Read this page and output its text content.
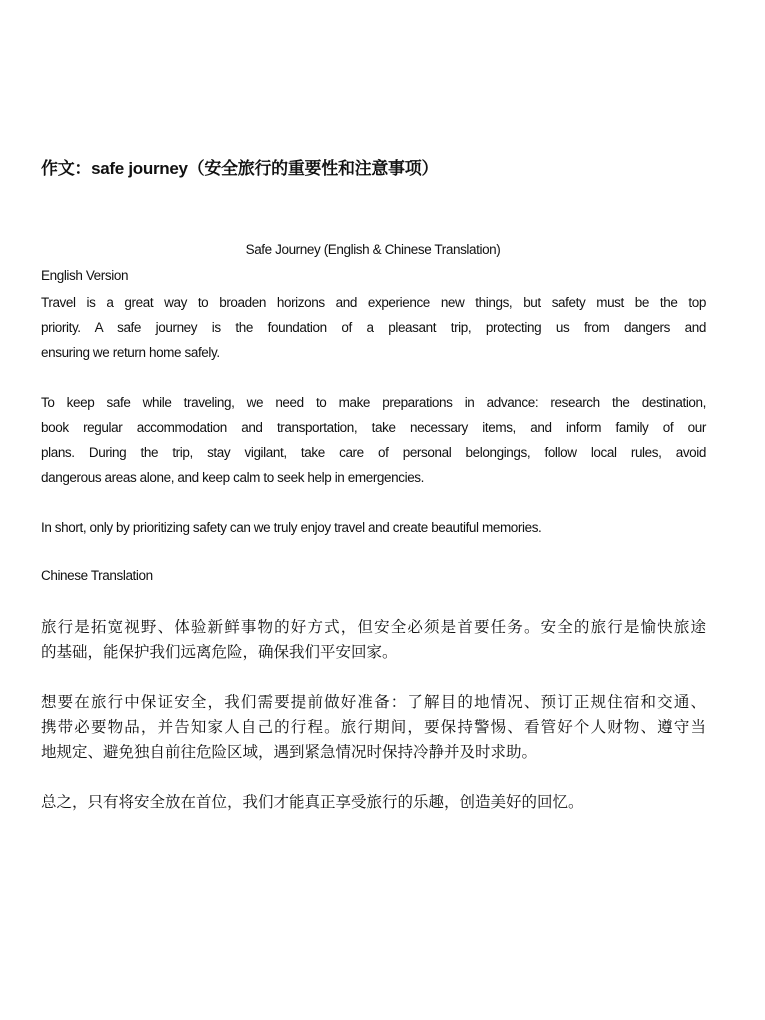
作文：safe journey（安全旅行的重要性和注意事项）
Safe Journey (English & Chinese Translation)
English Version
Travel is a great way to broaden horizons and experience new things, but safety must be the top
priority. A safe journey is the foundation of a pleasant trip, protecting us from dangers and
ensuring we return home safely.
To keep safe while traveling, we need to make preparations in advance: research the destination,
book regular accommodation and transportation, take necessary items, and inform family of our
plans. During the trip, stay vigilant, take care of personal belongings, follow local rules, avoid
dangerous areas alone, and keep calm to seek help in emergencies.
In short, only by prioritizing safety can we truly enjoy travel and create beautiful memories.
Chinese Translation
旅行是拓宽视野、体验新鲜事物的好方式，但安全必须是首要任务。安全的旅行是愉快旅途
的基础，能保护我们远离危险，确保我们平安回家。
想要在旅行中保证安全，我们需要提前做好准备：了解目的地情况、预订正规住宿和交通、
携带必要物品，并告知家人自己的行程。旅行期间，要保持警惕、看管好个人财物、遵守当
地规定、避免独自前往危险区域，遇到紧急情况时保持冷静并及时求助。
总之，只有将安全放在首位，我们才能真正享受旅行的乐趣，创造美好的回忆。
